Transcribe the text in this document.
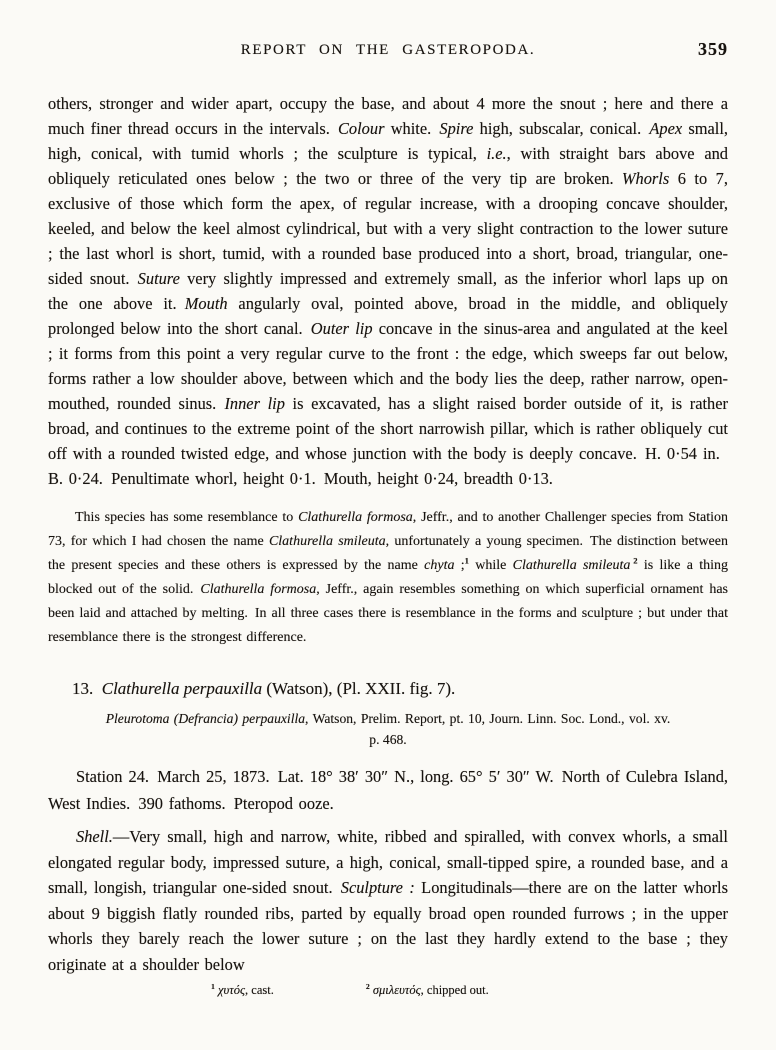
REPORT ON THE GASTEROPODA.	359

others, stronger and wider apart, occupy the base, and about 4 more the snout ; here and there a much finer thread occurs in the intervals. Colour white. Spire high, subscalar, conical. Apex small, high, conical, with tumid whorls ; the sculpture is typical, i.e., with straight bars above and obliquely reticulated ones below ; the two or three of the very tip are broken. Whorls 6 to 7, exclusive of those which form the apex, of regular increase, with a drooping concave shoulder, keeled, and below the keel almost cylindrical, but with a very slight contraction to the lower suture ; the last whorl is short, tumid, with a rounded base produced into a short, broad, triangular, one-sided snout. Suture very slightly impressed and extremely small, as the inferior whorl laps up on the one above it. Mouth angularly oval, pointed above, broad in the middle, and obliquely prolonged below into the short canal. Outer lip concave in the sinus-area and angulated at the keel ; it forms from this point a very regular curve to the front : the edge, which sweeps far out below, forms rather a low shoulder above, between which and the body lies the deep, rather narrow, open-mouthed, rounded sinus. Inner lip is excavated, has a slight raised border outside of it, is rather broad, and continues to the extreme point of the short narrowish pillar, which is rather obliquely cut off with a rounded twisted edge, and whose junction with the body is deeply concave. H. 0·54 in. B. 0·24. Penultimate whorl, height 0·1. Mouth, height 0·24, breadth 0·13.

This species has some resemblance to Clathurella formosa, Jeffr., and to another Challenger species from Station 73, for which I had chosen the name Clathurella smileuta, unfortunately a young specimen. The distinction between the present species and these others is expressed by the name chyta ;$^1$ while Clathurella smileuta  $^2$ is like a thing blocked out of the solid. Clathurella formosa, Jeffr., again resembles something on which superficial ornament has been laid and attached by melting. In all three cases there is resemblance in the forms and sculpture ; but under that resemblance there is the strongest difference.

13. Clathurella perpauxilla (Watson), (Pl. XXII. fig. 7).
Pleurotoma (Defrancia) perpauxilla, Watson, Prelim. Report, pt. 10, Journ. Linn. Soc. Lond., vol. xv.
p. 468.

Station 24. March 25, 1873. Lat. 18° 38′ 30″ N., long. 65° 5′ 30″ W. North of Culebra Island, West Indies. 390 fathoms. Pteropod ooze.

Shell.—Very small, high and narrow, white, ribbed and spiralled, with convex whorls, a small elongated regular body, impressed suture, a high, conical, small-tipped spire, a rounded base, and a small, longish, triangular one-sided snout. Sculpture : Longitudinals—there are on the latter whorls about 9 biggish flatly rounded ribs, parted by equally broad open rounded furrows ; in the upper whorls they barely reach the lower suture ; on the last they hardly extend to the base ; they originate at a shoulder below

$^1$ χυτός, cast.	$^2$ σμιλευτός, chipped out.
